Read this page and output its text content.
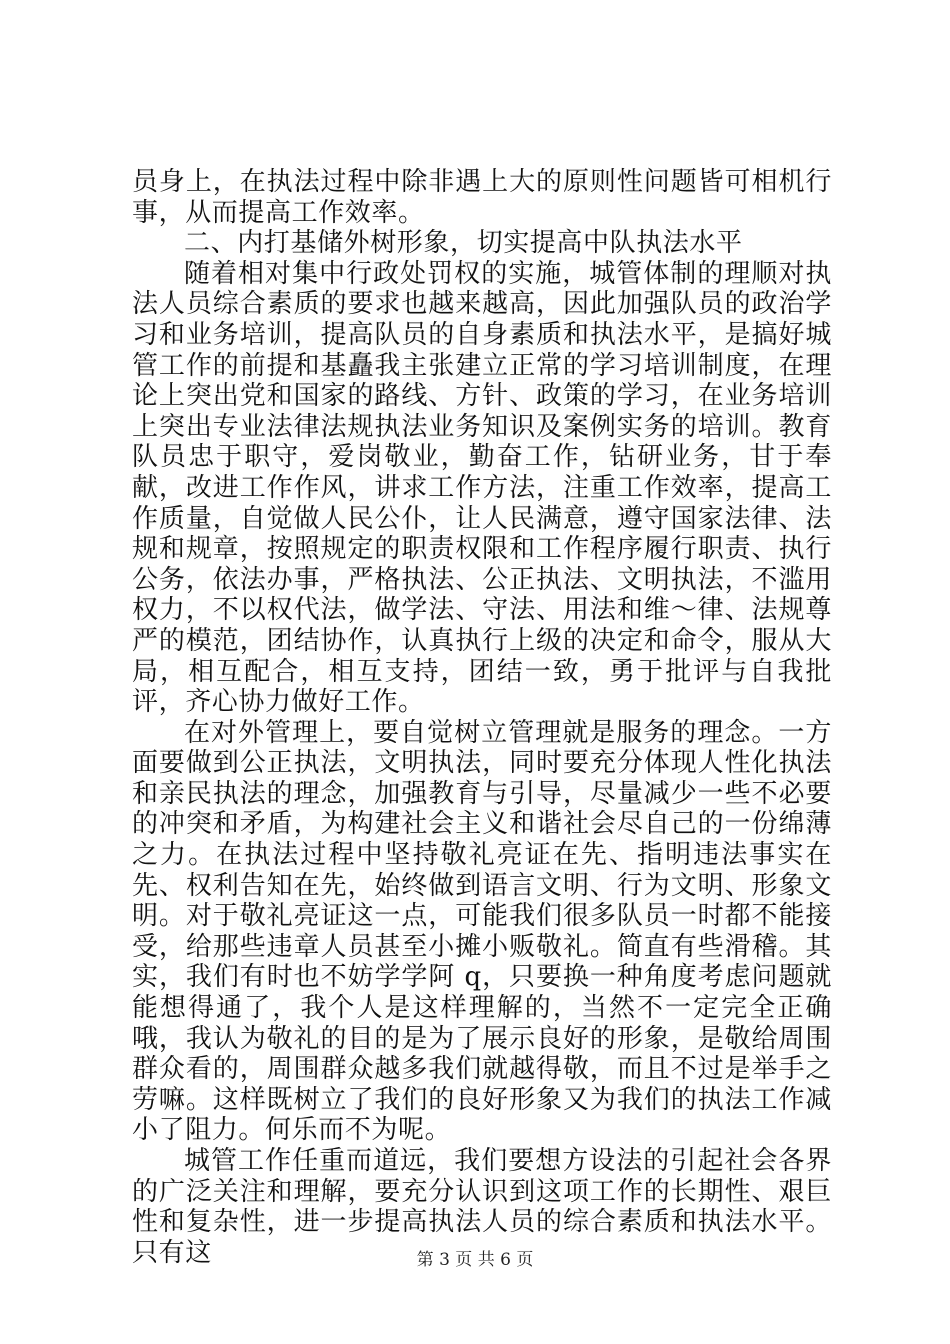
员身上，在执法过程中除非遇上大的原则性问题皆可相机行事，从而提高工作效率。

二、内打基储外树形象，切实提高中队执法水平

随着相对集中行政处罚权的实施，城管体制的理顺对执法人员综合素质的要求也越来越高，因此加强队员的政治学习和业务培训，提高队员的自身素质和执法水平，是搞好城管工作的前提和基矗我主张建立正常的学习培训制度，在理论上突出党和国家的路线、方针、政策的学习，在业务培训上突出专业法律法规执法业务知识及案例实务的培训。教育队员忠于职守，爱岗敬业，勤奋工作，钻研业务，甘于奉献，改进工作作风，讲求工作方法，注重工作效率，提高工作质量，自觉做人民公仆，让人民满意，遵守国家法律、法规和规章，按照规定的职责权限和工作程序履行职责、执行公务，依法办事，严格执法、公正执法、文明执法，不滥用权力，不以权代法，做学法、守法、用法和维～律、法规尊严的模范，团结协作，认真执行上级的决定和命令，服从大局，相互配合，相互支持，团结一致，勇于批评与自我批评，齐心协力做好工作。

在对外管理上，要自觉树立管理就是服务的理念。一方面要做到公正执法，文明执法，同时要充分体现人性化执法和亲民执法的理念，加强教育与引导，尽量减少一些不必要的冲突和矛盾，为构建社会主义和谐社会尽自己的一份绵薄之力。在执法过程中坚持敬礼亮证在先、指明违法事实在先、权利告知在先，始终做到语言文明、行为文明、形象文明。对于敬礼亮证这一点，可能我们很多队员一时都不能接受，给那些违章人员甚至小摊小贩敬礼。简直有些滑稽。其实，我们有时也不妨学学阿 q，只要换一种角度考虑问题就能想得通了，我个人是这样理解的，当然不一定完全正确哦，我认为敬礼的目的是为了展示良好的形象，是敬给周围群众看的，周围群众越多我们就越得敬，而且不过是举手之劳嘛。这样既树立了我们的良好形象又为我们的执法工作减小了阻力。何乐而不为呢。

城管工作任重而道远，我们要想方设法的引起社会各界的广泛关注和理解，要充分认识到这项工作的长期性、艰巨性和复杂性，进一步提高执法人员的综合素质和执法水平。只有这	第 3 页 共 6 页
